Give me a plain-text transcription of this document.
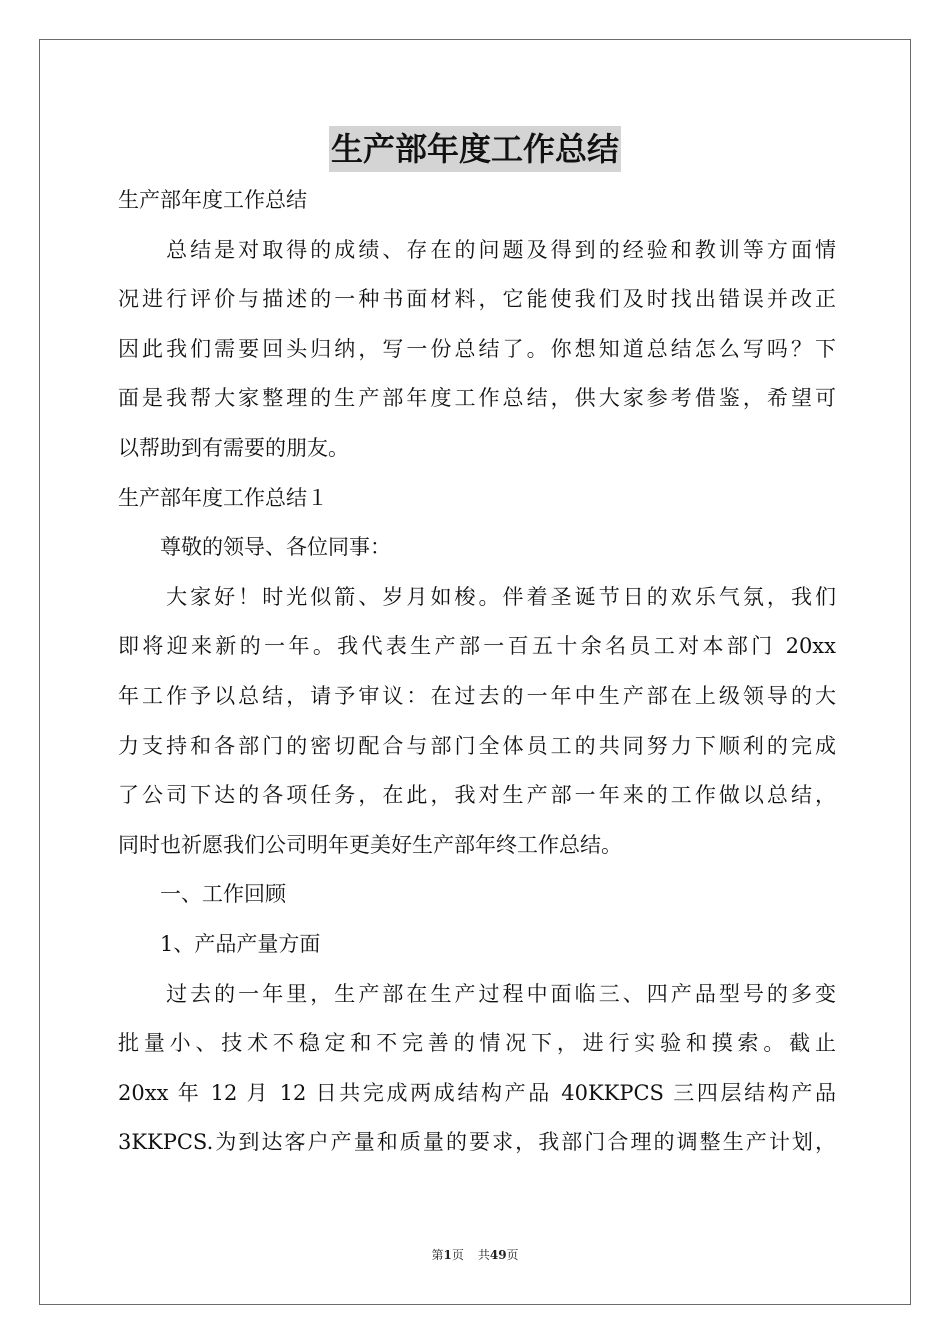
生产部年度工作总结
生产部年度工作总结
　　总结是对取得的成绩、存在的问题及得到的经验和教训等方面情
况进行评价与描述的一种书面材料，它能使我们及时找出错误并改正
因此我们需要回头归纳，写一份总结了。你想知道总结怎么写吗？下
面是我帮大家整理的生产部年度工作总结，供大家参考借鉴，希望可
以帮助到有需要的朋友。
生产部年度工作总结１
　　尊敬的领导、各位同事：
　　大家好！时光似箭、岁月如梭。伴着圣诞节日的欢乐气氛，我们
即将迎来新的一年。我代表生产部一百五十余名员工对本部门 20xx
年工作予以总结，请予审议：在过去的一年中生产部在上级领导的大
力支持和各部门的密切配合与部门全体员工的共同努力下顺利的完成
了公司下达的各项任务，在此，我对生产部一年来的工作做以总结，
同时也祈愿我们公司明年更美好生产部年终工作总结。
　　一、工作回顾
　　1、产品产量方面
　　过去的一年里，生产部在生产过程中面临三、四产品型号的多变
批量小、技术不稳定和不完善的情况下，进行实验和摸索。截止
20xx 年 12 月 12 日共完成两成结构产品 40KKPCS 三四层结构产品
3KKPCS.为到达客户产量和质量的要求，我部门合理的调整生产计划，
第1页 共49页
